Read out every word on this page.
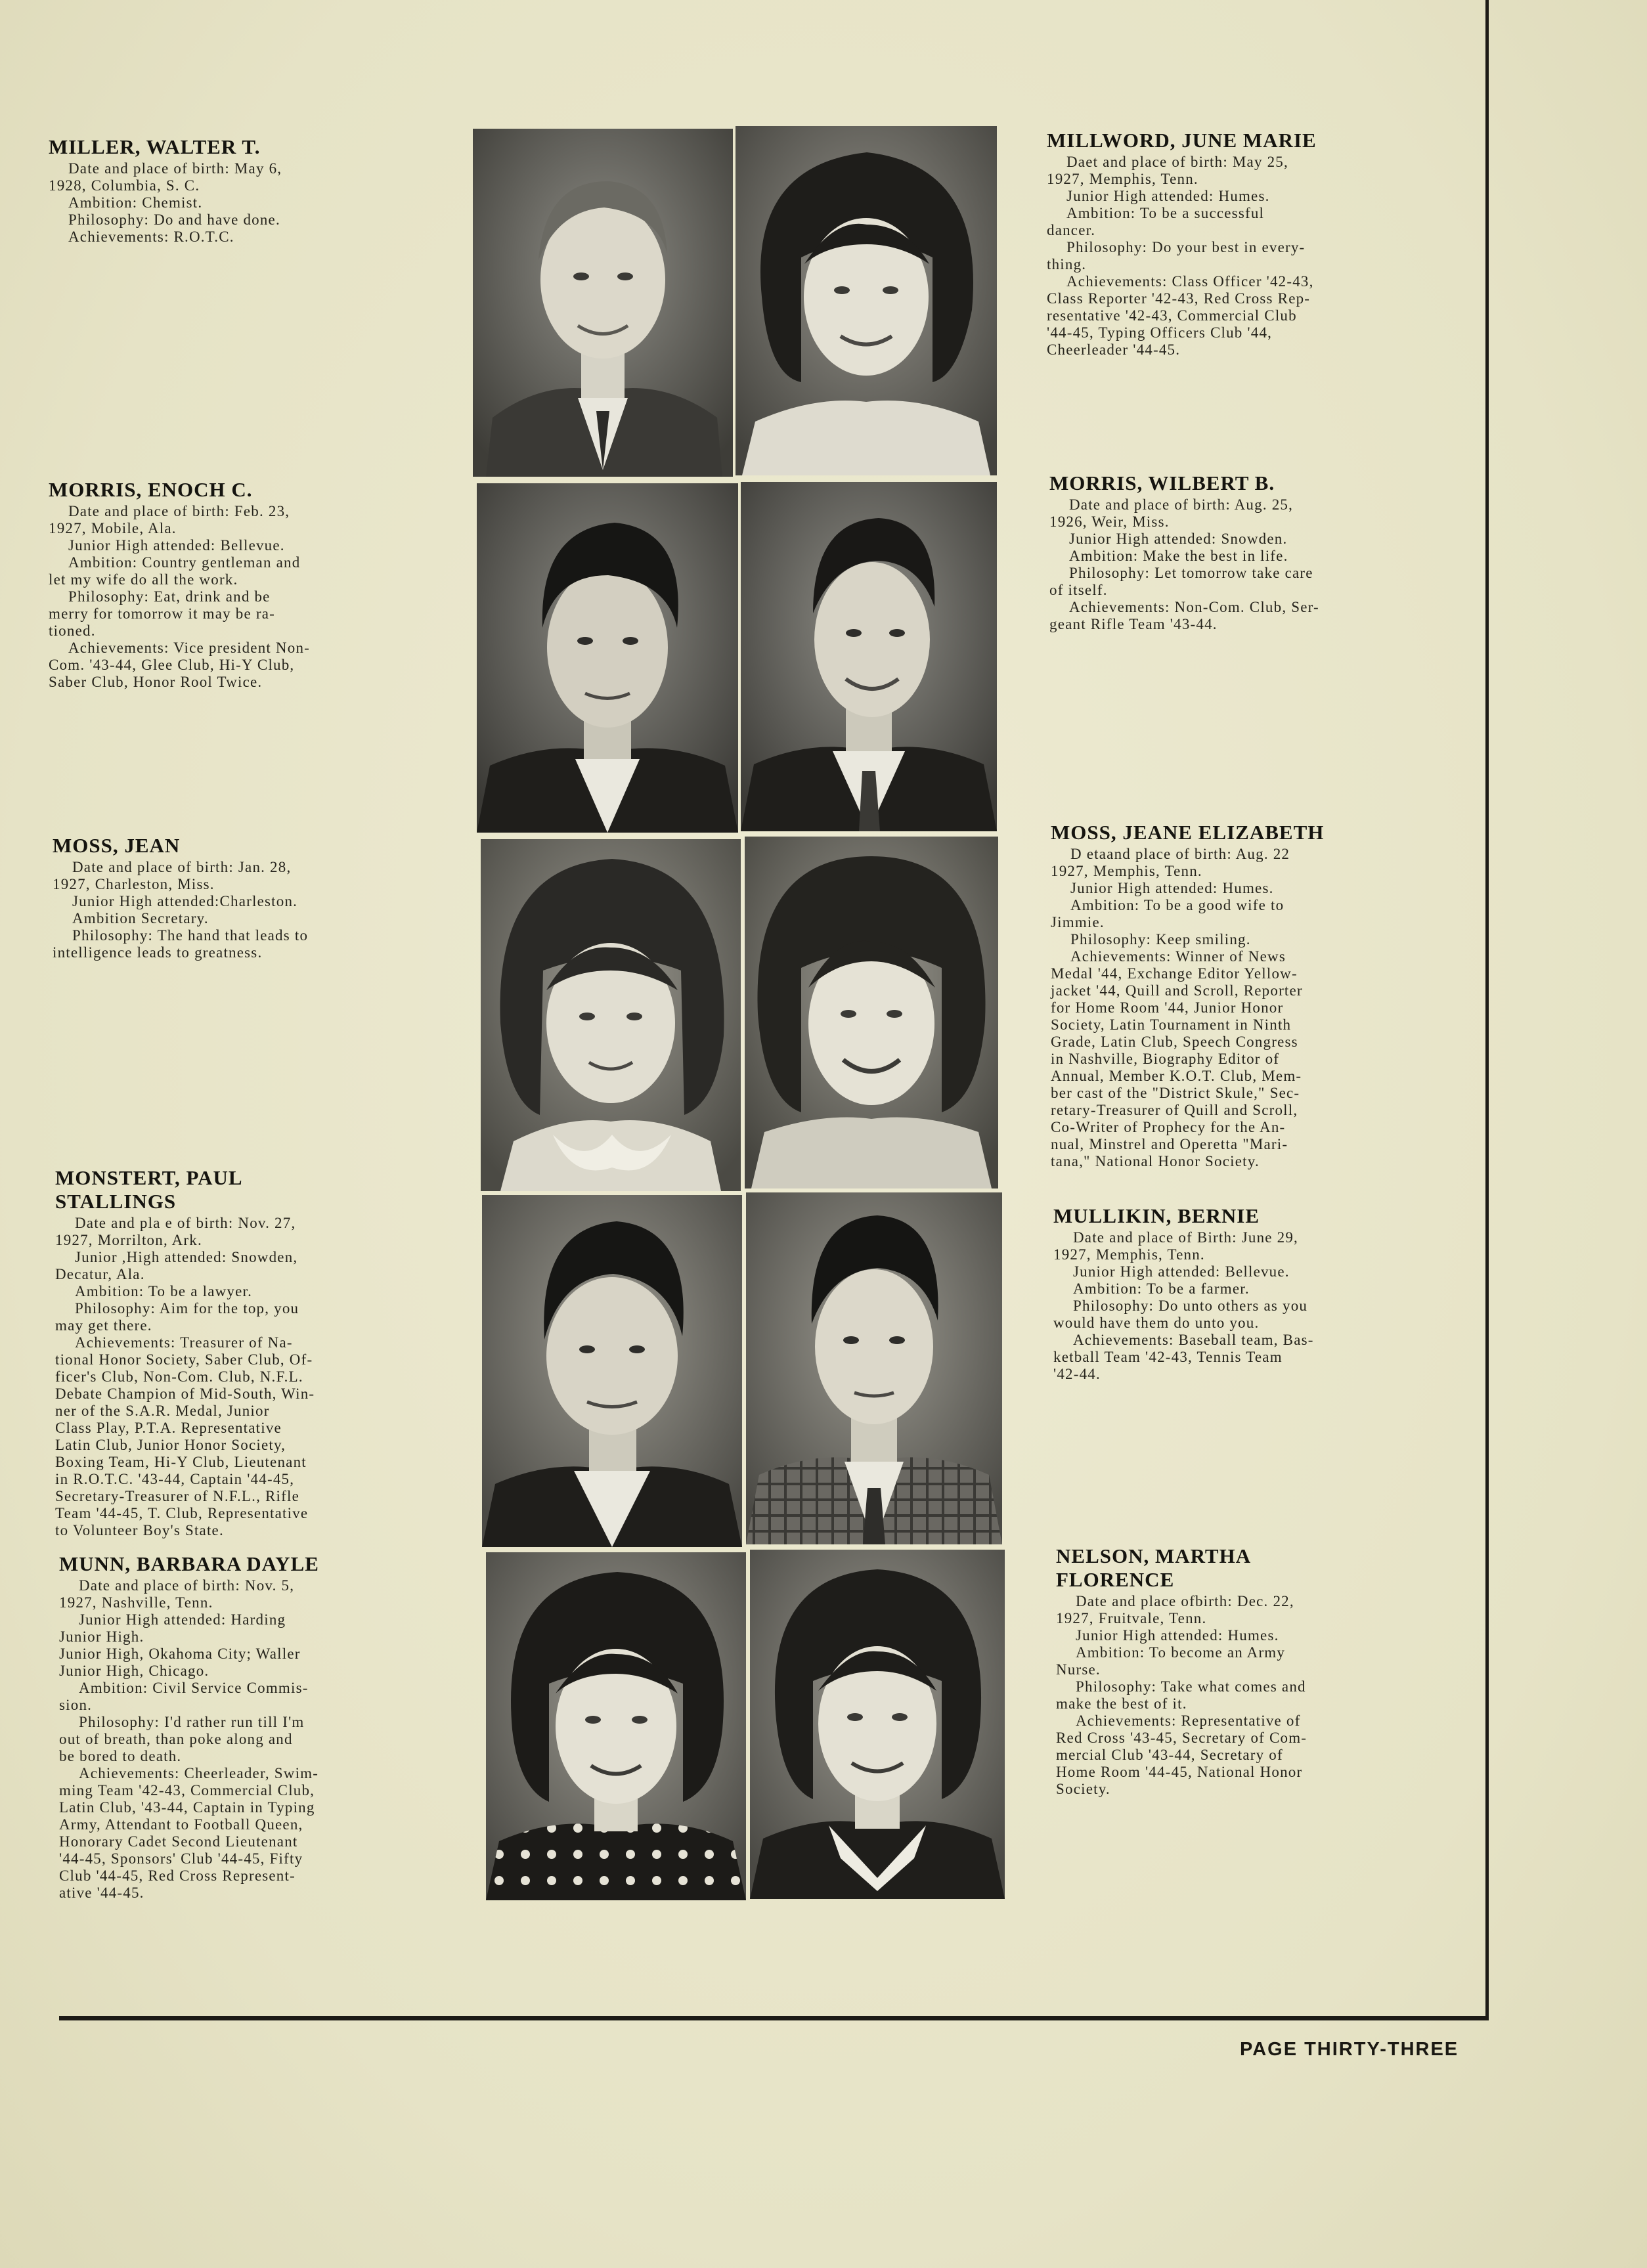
MILLER, WALTER T.
Date and place of birth: May 6,
1928, Columbia, S. C.
Ambition: Chemist.
Philosophy: Do and have done.
Achievements: R.O.T.C.
MORRIS, ENOCH C.
Date and place of birth: Feb. 23,
1927, Mobile, Ala.
Junior High attended: Bellevue.
Ambition: Country gentleman and
let my wife do all the work.
Philosophy: Eat, drink and be
merry for tomorrow it may be ra-
tioned.
Achievements: Vice president Non-
Com. '43-44, Glee Club, Hi-Y Club,
Saber Club, Honor Rool Twice.
MOSS, JEAN
Date and place of birth: Jan. 28,
1927, Charleston, Miss.
Junior High attended:Charleston.
Ambition Secretary.
Philosophy: The hand that leads to
intelligence leads to greatness.
MONSTERT, PAUL STALLINGS
Date and pla e of birth: Nov. 27,
1927, Morrilton, Ark.
Junior ,High attended: Snowden,
Decatur, Ala.
Ambition: To be a lawyer.
Philosophy: Aim for the top, you
may get there.
Achievements: Treasurer of Na-
tional Honor Society, Saber Club, Of-
ficer's Club, Non-Com. Club, N.F.L.
Debate Champion of Mid-South, Win-
ner of the S.A.R. Medal, Junior
Class Play, P.T.A. Representative
Latin Club, Junior Honor Society,
Boxing Team, Hi-Y Club, Lieutenant
in R.O.T.C. '43-44, Captain '44-45,
Secretary-Treasurer of N.F.L., Rifle
Team '44-45, T. Club, Representative
to Volunteer Boy's State.
MUNN, BARBARA DAYLE
Date and place of birth: Nov. 5,
1927, Nashville, Tenn.
Junior High attended: Harding
Junior High.
Junior High, Okahoma City; Waller
Junior High, Chicago.
Ambition: Civil Service Commis-
sion.
Philosophy: I'd rather run till I'm
out of breath, than poke along and
be bored to death.
Achievements: Cheerleader, Swim-
ming Team '42-43, Commercial Club,
Latin Club, '43-44, Captain in Typing
Army, Attendant to Football Queen,
Honorary Cadet Second Lieutenant
'44-45, Sponsors' Club '44-45, Fifty
Club '44-45, Red Cross Represent-
ative '44-45.
MILLWORD, JUNE MARIE
Daet and place of birth: May 25,
1927, Memphis, Tenn.
Junior High attended: Humes.
Ambition: To be a successful
dancer.
Philosophy: Do your best in every-
thing.
Achievements: Class Officer '42-43,
Class Reporter '42-43, Red Cross Rep-
resentative '42-43, Commercial Club
'44-45, Typing Officers Club '44,
Cheerleader '44-45.
MORRIS, WILBERT B.
Date and place of birth: Aug. 25,
1926, Weir, Miss.
Junior High attended: Snowden.
Ambition: Make the best in life.
Philosophy: Let tomorrow take care
of itself.
Achievements: Non-Com. Club, Ser-
geant Rifle Team '43-44.
MOSS, JEANE ELIZABETH
D etaand place of birth: Aug. 22
1927, Memphis, Tenn.
Junior High attended: Humes.
Ambition: To be a good wife to
Jimmie.
Philosophy: Keep smiling.
Achievements: Winner of News
Medal '44, Exchange Editor Yellow-
jacket '44, Quill and Scroll, Reporter
for Home Room '44, Junior Honor
Society, Latin Tournament in Ninth
Grade, Latin Club, Speech Congress
in Nashville, Biography Editor of
Annual, Member K.O.T. Club, Mem-
ber cast of the "District Skule," Sec-
retary-Treasurer of Quill and Scroll,
Co-Writer of Prophecy for the An-
nual, Minstrel and Operetta "Mari-
tana," National Honor Society.
MULLIKIN, BERNIE
Date and place of Birth: June 29,
1927, Memphis, Tenn.
Junior High attended: Bellevue.
Ambition: To be a farmer.
Philosophy: Do unto others as you
would have them do unto you.
Achievements: Baseball team, Bas-
ketball Team '42-43, Tennis Team
'42-44.
NELSON, MARTHA FLORENCE
Date and place ofbirth: Dec. 22,
1927, Fruitvale, Tenn.
Junior High attended: Humes.
Ambition: To become an Army
Nurse.
Philosophy: Take what comes and
make the best of it.
Achievements: Representative of
Red Cross '43-45, Secretary of Com-
mercial Club '43-44, Secretary of
Home Room '44-45, National Honor
Society.
PAGE THIRTY-THREE
